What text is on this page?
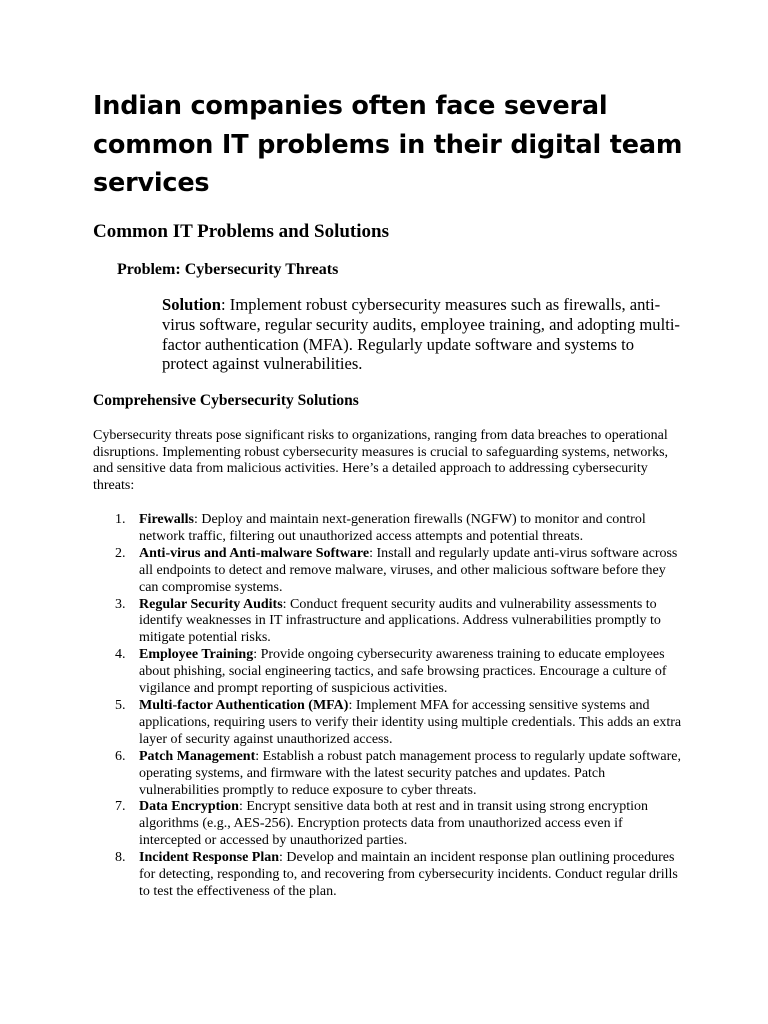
Indian companies often face several common IT problems in their digital team services
Common IT Problems and Solutions
Problem: Cybersecurity Threats

Solution: Implement robust cybersecurity measures such as firewalls, anti-virus software, regular security audits, employee training, and adopting multi-factor authentication (MFA). Regularly update software and systems to protect against vulnerabilities.

Comprehensive Cybersecurity Solutions

Cybersecurity threats pose significant risks to organizations, ranging from data breaches to operational disruptions. Implementing robust cybersecurity measures is crucial to safeguarding systems, networks, and sensitive data from malicious activities. Here’s a detailed approach to addressing cybersecurity threats:

1. Firewalls: Deploy and maintain next-generation firewalls (NGFW) to monitor and control network traffic, filtering out unauthorized access attempts and potential threats.
2. Anti-virus and Anti-malware Software: Install and regularly update anti-virus software across all endpoints to detect and remove malware, viruses, and other malicious software before they can compromise systems.
3. Regular Security Audits: Conduct frequent security audits and vulnerability assessments to identify weaknesses in IT infrastructure and applications. Address vulnerabilities promptly to mitigate potential risks.
4. Employee Training: Provide ongoing cybersecurity awareness training to educate employees about phishing, social engineering tactics, and safe browsing practices. Encourage a culture of vigilance and prompt reporting of suspicious activities.
5. Multi-factor Authentication (MFA): Implement MFA for accessing sensitive systems and applications, requiring users to verify their identity using multiple credentials. This adds an extra layer of security against unauthorized access.
6. Patch Management: Establish a robust patch management process to regularly update software, operating systems, and firmware with the latest security patches and updates. Patch vulnerabilities promptly to reduce exposure to cyber threats.
7. Data Encryption: Encrypt sensitive data both at rest and in transit using strong encryption algorithms (e.g., AES-256). Encryption protects data from unauthorized access even if intercepted or accessed by unauthorized parties.
8. Incident Response Plan: Develop and maintain an incident response plan outlining procedures for detecting, responding to, and recovering from cybersecurity incidents. Conduct regular drills to test the effectiveness of the plan.
